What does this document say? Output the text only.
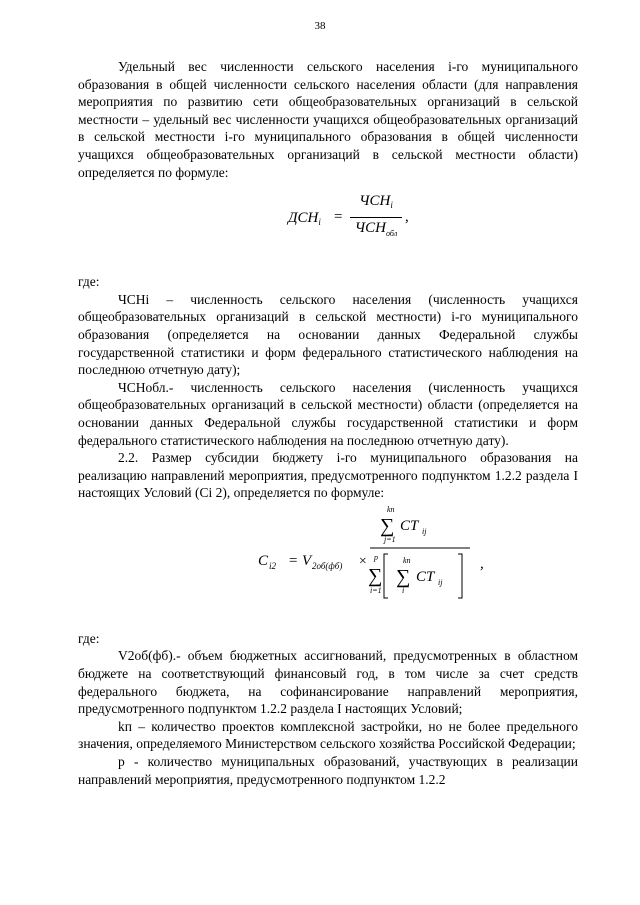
38

Удельный вес численности сельского населения i-го муниципального образования в общей численности сельского населения области (для направления мероприятия по развитию сети общеобразовательных организаций в сельской местности – удельный вес численности учащихся общеобразовательных организаций в сельской местности i-го муниципального образования в общей численности учащихся общеобразовательных организаций в сельской местности области) определяется по формуле:

$ДСН_i$ =
$ЧСН_i$
$ЧСН_{обл}$
,

где:

ЧСНi – численность сельского населения (численность учащихся общеобразовательных организаций в сельской местности) i-го муниципального образования (определяется на основании данных Федеральной службы государственной статистики и форм федерального статистического наблюдения на последнюю отчетную дату);

ЧСНобл.- численность сельского населения (численность учащихся общеобразовательных организаций в сельской местности) области (определяется на основании данных Федеральной службы государственной статистики и форм федерального статистического наблюдения на последнюю отчетную дату).

2.2. Размер субсидии бюджету i-го муниципального образования на реализацию направлений мероприятия, предусмотренного подпунктом 1.2.2 раздела I настоящих Условий (Ci 2), определяется по формуле:

C i2 = V 2об(фб) ×
kn
∑
j=1
CT ij
p
∑
i=1
kn
∑
i
CT ij
,

где:

V2об(фб).- объем бюджетных ассигнований, предусмотренных в областном бюджете на соответствующий финансовый год, в том числе за счет средств федерального бюджета, на софинансирование направлений мероприятия, предусмотренного подпунктом 1.2.2 раздела I настоящих Условий;

kп – количество проектов комплексной застройки, но не более предельного значения, определяемого Министерством сельского хозяйства Российской Федерации;

p - количество муниципальных образований, участвующих в реализации направлений мероприятия, предусмотренного подпунктом 1.2.2
